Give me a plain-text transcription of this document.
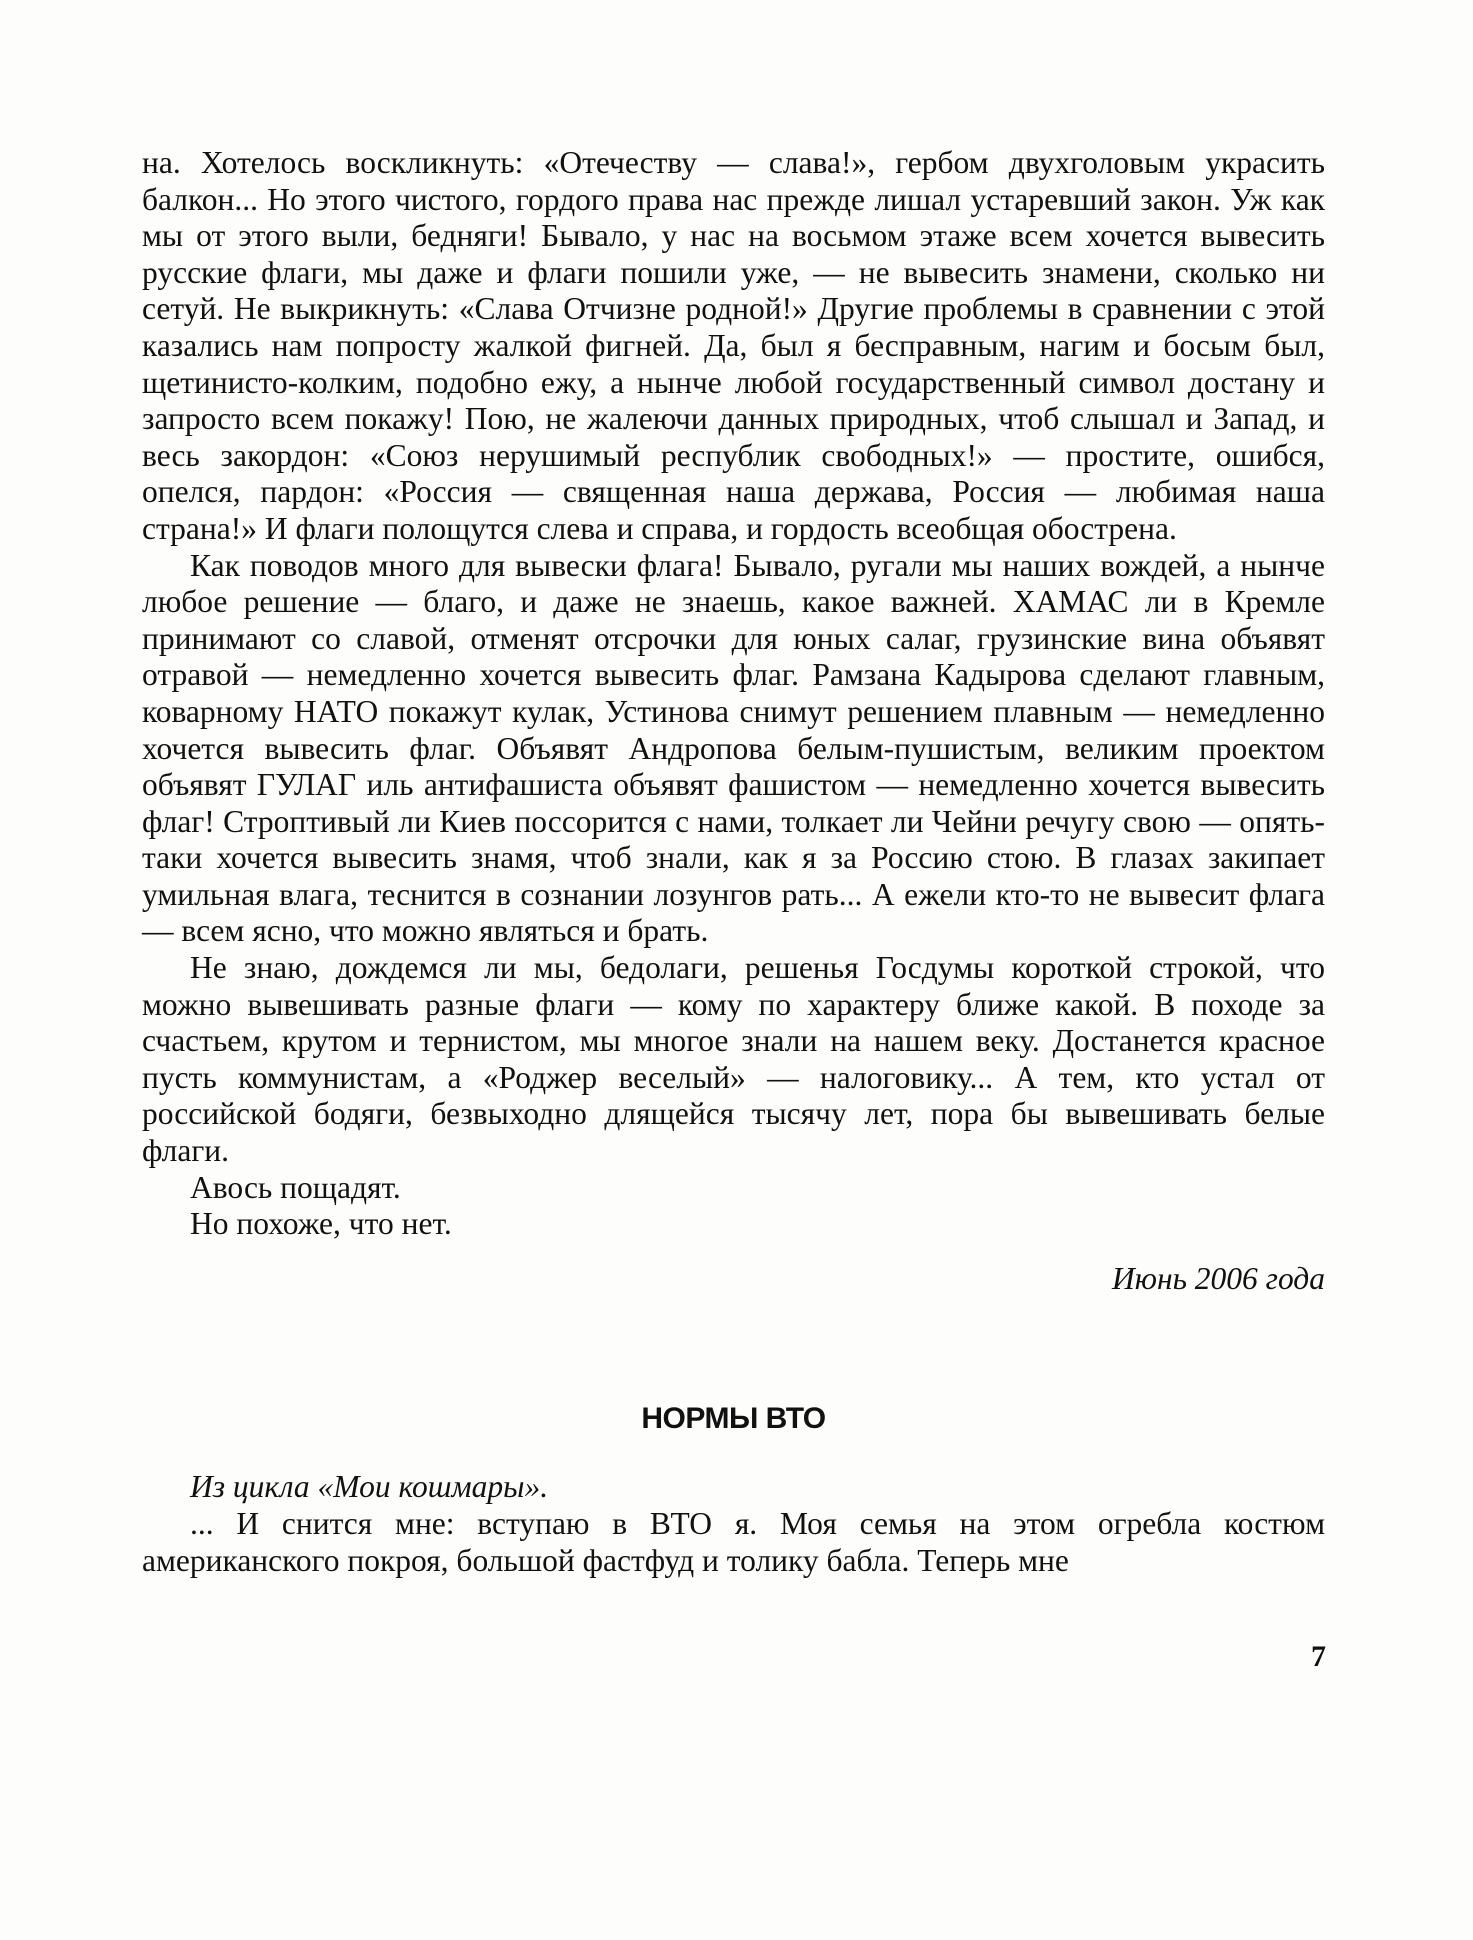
на. Хотелось воскликнуть: «Отечеству — слава!», гербом двухголовым украсить балкон... Но этого чистого, гордого права нас прежде лишал устаревший закон. Уж как мы от этого выли, бедняги! Бывало, у нас на восьмом этаже всем хочется вывесить русские флаги, мы даже и флаги пошили уже, — не вывесить знамени, сколько ни сетуй. Не выкрикнуть: «Слава Отчизне родной!» Другие проблемы в сравнении с этой казались нам попросту жалкой фигней. Да, был я бесправным, нагим и босым был, щетинисто-колким, подобно ежу, а нынче любой государственный символ достану и запросто всем покажу! Пою, не жалеючи данных природных, чтоб слышал и Запад, и весь закордон: «Союз нерушимый республик свободных!» — простите, ошибся, опелся, пардон: «Россия — священная наша держава, Россия — любимая наша страна!» И флаги полощутся слева и справа, и гордость всеобщая обострена.

Как поводов много для вывески флага! Бывало, ругали мы наших вождей, а нынче любое решение — благо, и даже не знаешь, какое важней. ХАМАС ли в Кремле принимают со славой, отменят отсрочки для юных салаг, грузинские вина объявят отравой — немедленно хочется вывесить флаг. Рамзана Кадырова сделают главным, коварному НАТО покажут кулак, Устинова снимут решением плавным — немедленно хочется вывесить флаг. Объявят Андропова белым-пушистым, великим проектом объявят ГУЛАГ иль антифашиста объявят фашистом — немедленно хочется вывесить флаг! Строптивый ли Киев поссорится с нами, толкает ли Чейни речугу свою — опять-таки хочется вывесить знамя, чтоб знали, как я за Россию стою. В глазах закипает умильная влага, теснится в сознании лозунгов рать... А ежели кто-то не вывесит флага — всем ясно, что можно являться и брать.

Не знаю, дождемся ли мы, бедолаги, решенья Госдумы короткой строкой, что можно вывешивать разные флаги — кому по характеру ближе какой. В походе за счастьем, крутом и тернистом, мы многое знали на нашем веку. Достанется красное пусть коммунистам, а «Роджер веселый» — налоговику... А тем, кто устал от российской бодяги, безвыходно длящейся тысячу лет, пора бы вывешивать белые флаги.

Авось пощадят.

Но похоже, что нет.

Июнь 2006 года

НОРМЫ ВТО

Из цикла «Мои кошмары».

... И снится мне: вступаю в ВТО я. Моя семья на этом огребла костюм американского покроя, большой фастфуд и толику бабла. Теперь мне

7
